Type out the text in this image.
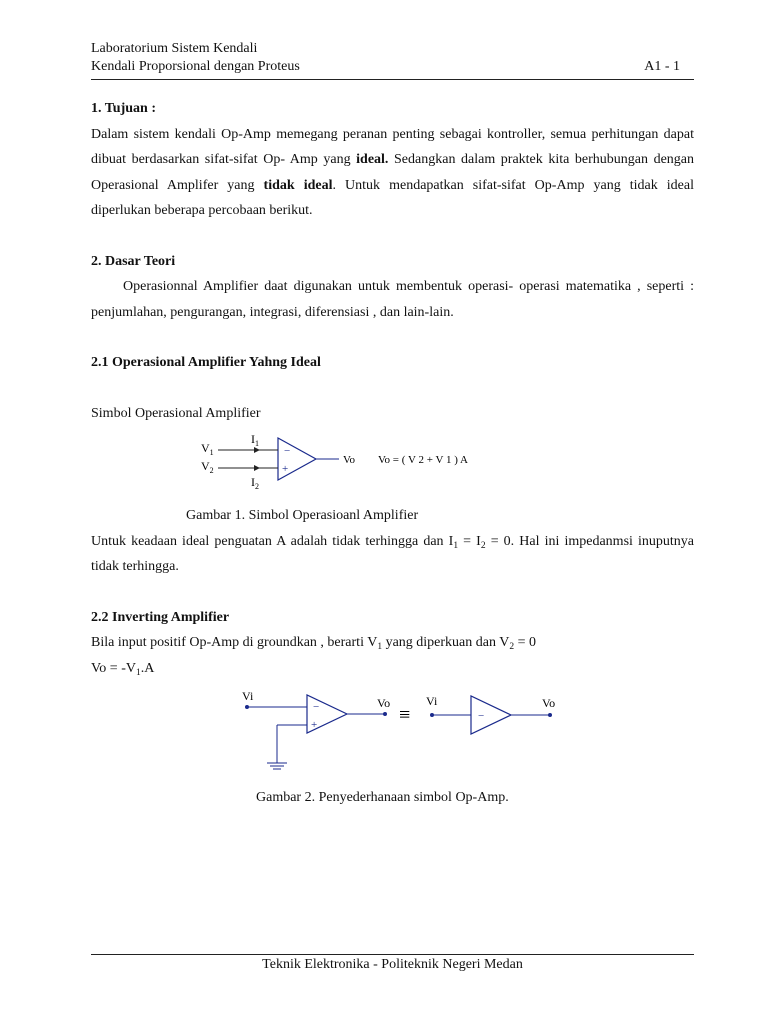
Laboratorium Sistem Kendali
Kendali Proporsional dengan Proteus	A1 - 1

1. Tujuan :

Dalam sistem kendali Op-Amp memegang peranan penting sebagai kontroller, semua perhitungan dapat dibuat berdasarkan sifat-sifat Op- Amp yang ideal. Sedangkan dalam praktek kita berhubungan dengan Operasional Amplifer yang tidak ideal. Untuk mendapatkan sifat-sifat Op-Amp yang tidak ideal diperlukan beberapa percobaan berikut.

2. Dasar Teori

Operasionnal Amplifier daat digunakan untuk membentuk operasi- operasi matematika , seperti : penjumlahan, pengurangan, integrasi, diferensiasi , dan lain-lain.

2.1 Operasional Amplifier Yahng Ideal

Simbol Operasional Amplifier

−
+
$V_1$
$V_2$
$I_1$
$I_2$
Vo Vo = ( V 2 + V 1 ) A

Gambar 1. Simbol Operasioanl Amplifier

Untuk keadaan ideal penguatan A adalah tidak terhingga dan $I_1 = I_2 = 0$. Hal ini impedanmsi inuputnya tidak terhingga.

2.2 Inverting Amplifier

Bila input positif Op-Amp di groundkan , berarti $V_1$ yang diperkuan dan $V_2 = 0$

$Vo = -V_1.A$

Vi
−
+
Vo
≡
Vi
−
Vo

Gambar 2. Penyederhanaan simbol Op-Amp.

Teknik Elektronika - Politeknik Negeri Medan
